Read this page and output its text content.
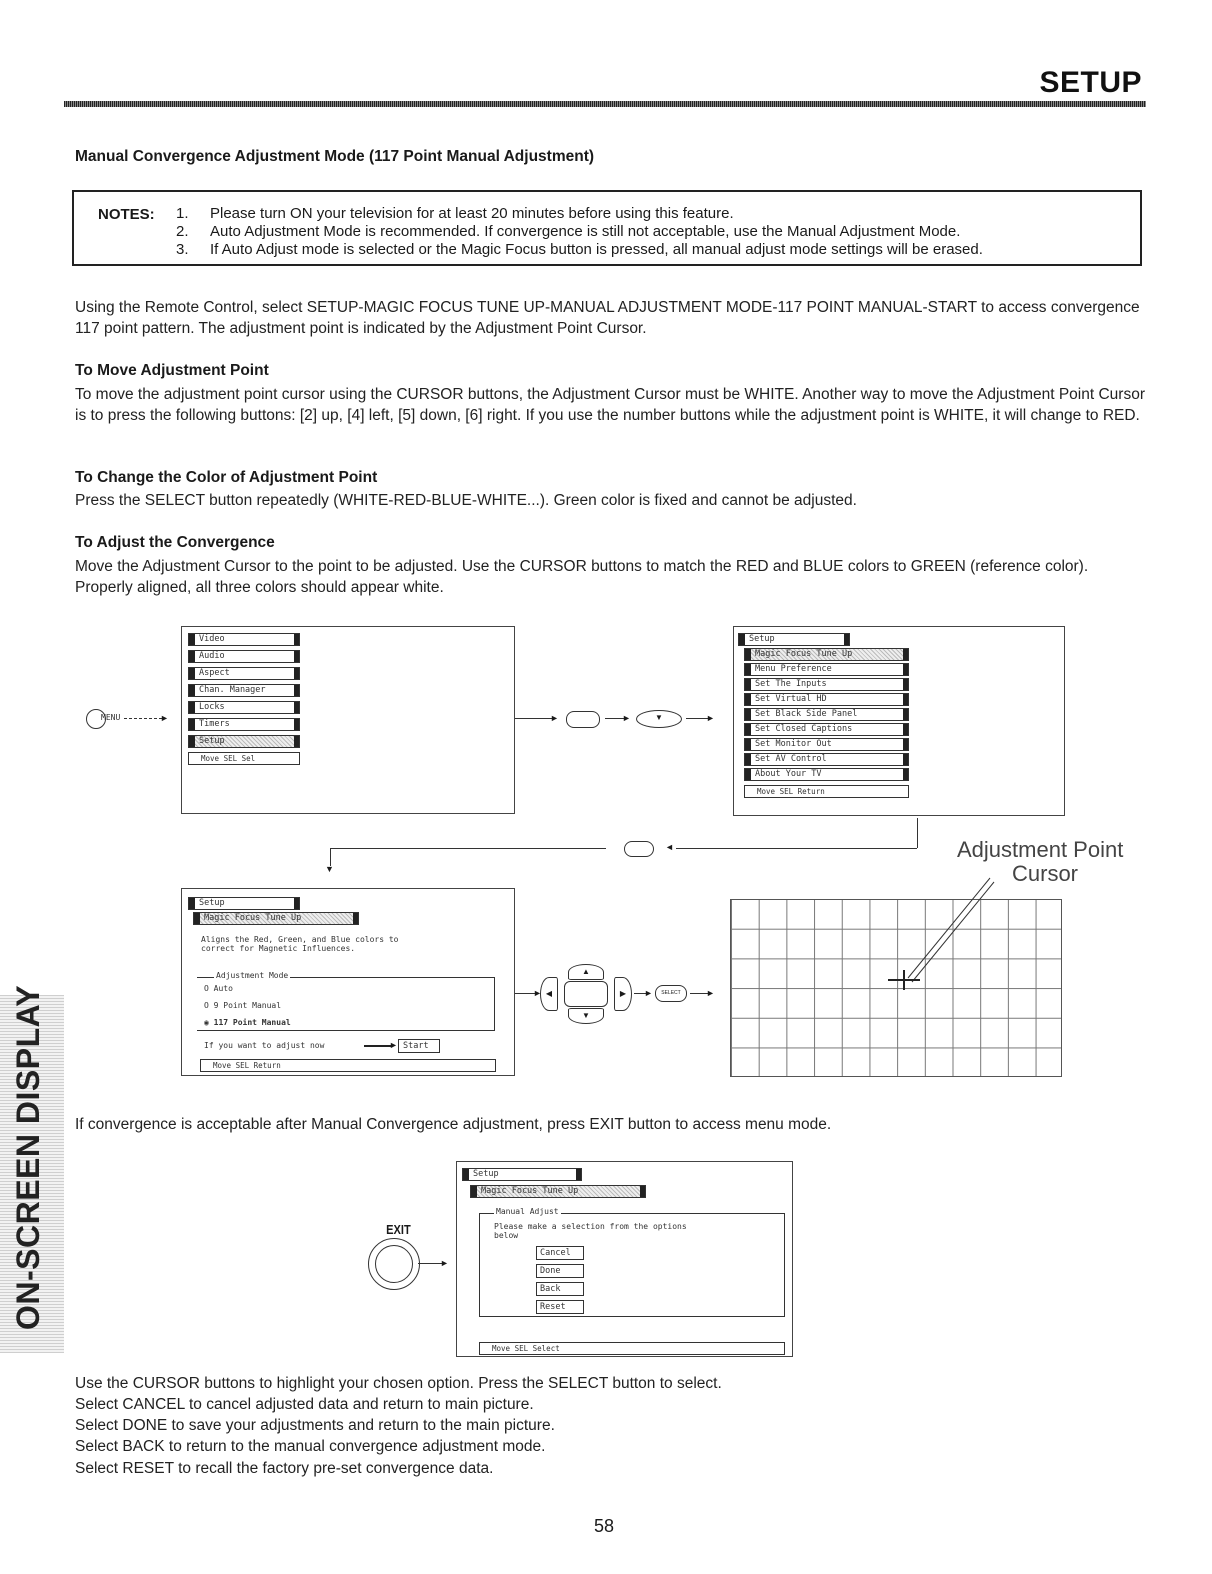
SETUP
Manual Convergence Adjustment Mode (117 Point Manual Adjustment)
NOTES: 1. Please turn ON your television for at least 20 minutes before using this feature.
2. Auto Adjustment Mode is recommended. If convergence is still not acceptable, use the Manual Adjustment Mode.
3. If Auto Adjust mode is selected or the Magic Focus button is pressed, all manual adjust mode settings will be erased.
Using the Remote Control, select SETUP-MAGIC FOCUS TUNE UP-MANUAL ADJUSTMENT MODE-117 POINT MANUAL-START to access convergence 117 point pattern. The adjustment point is indicated by the Adjustment Point Cursor.
To Move Adjustment Point
To move the adjustment point cursor using the CURSOR buttons, the Adjustment Cursor must be WHITE. Another way to move the Adjustment Point Cursor is to press the following buttons: [2] up, [4] left, [5] down, [6] right. If you use the number buttons while the adjustment point is WHITE, it will change to RED.
To Change the Color of Adjustment Point
Press the SELECT button repeatedly (WHITE-RED-BLUE-WHITE...). Green color is fixed and cannot be adjusted.
To Adjust the Convergence
Move the Adjustment Cursor to the point to be adjusted. Use the CURSOR buttons to match the RED and BLUE colors to GREEN (reference color). Properly aligned, all three colors should appear white.
MENU	►
Video
Audio
Aspect
Chan. Manager
Locks
Timers
Setup
Move SEL Sel
►	►	▼	►
Setup
Magic Focus Tune Up
Menu Preference
Set The Inputs
Set Virtual HD
Set Black Side Panel
Set Closed Captions
Set Monitor Out
Set AV Control
About Your TV
Move SEL Return
◄
▼
Adjustment Point
Cursor
Setup
Magic Focus Tune Up
Aligns the Red, Green, and Blue colors to correct for Magnetic Influences.
Adjustment Mode
O Auto
O 9 Point Manual
◉ 117 Point Manual
If you want to adjust now	► Start
Move SEL Return
►
▲
▼
◀	▶	►	SELECT	►
If convergence is acceptable after Manual Convergence adjustment, press EXIT button to access menu mode.
EXIT
►
Setup
Magic Focus Tune Up
Manual Adjust
Please make a selection from the options below
Cancel
Done
Back
Reset
Move SEL Select
Use the CURSOR buttons to highlight your chosen option. Press the SELECT button to select.
Select CANCEL to cancel adjusted data and return to main picture.
Select DONE to save your adjustments and return to the main picture.
Select BACK to return to the manual convergence adjustment mode.
Select RESET to recall the factory pre-set convergence data.
ON-SCREEN DISPLAY
58
